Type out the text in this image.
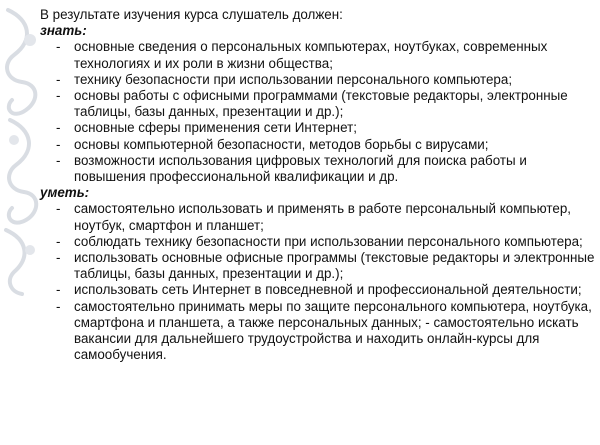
В результате изучения курса слушатель должен:

знать:

- основные сведения о персональных компьютерах, ноутбуках, современных технологиях и их роли в жизни общества;
- технику безопасности при использовании персонального компьютера;
- основы работы с офисными программами (текстовые редакторы, электронные таблицы, базы данных, презентации и др.);
- основные сферы применения сети Интернет;
- основы компьютерной безопасности, методов борьбы с вирусами;
- возможности использования цифровых технологий для поиска работы и повышения профессиональной квалификации и др.

уметь:

- самостоятельно использовать и применять в работе персональный компьютер, ноутбук, смартфон и планшет;
- соблюдать технику безопасности при использовании персонального компьютера;
- использовать основные офисные программы (текстовые редакторы и электронные таблицы, базы данных, презентации и др.);
- использовать сеть Интернет в повседневной и профессиональной деятельности;
- самостоятельно принимать меры по защите персонального компьютера, ноутбука, смартфона и планшета, а также персональных данных; - самостоятельно искать вакансии для дальнейшего трудоустройства и находить онлайн-курсы для самообучения.
